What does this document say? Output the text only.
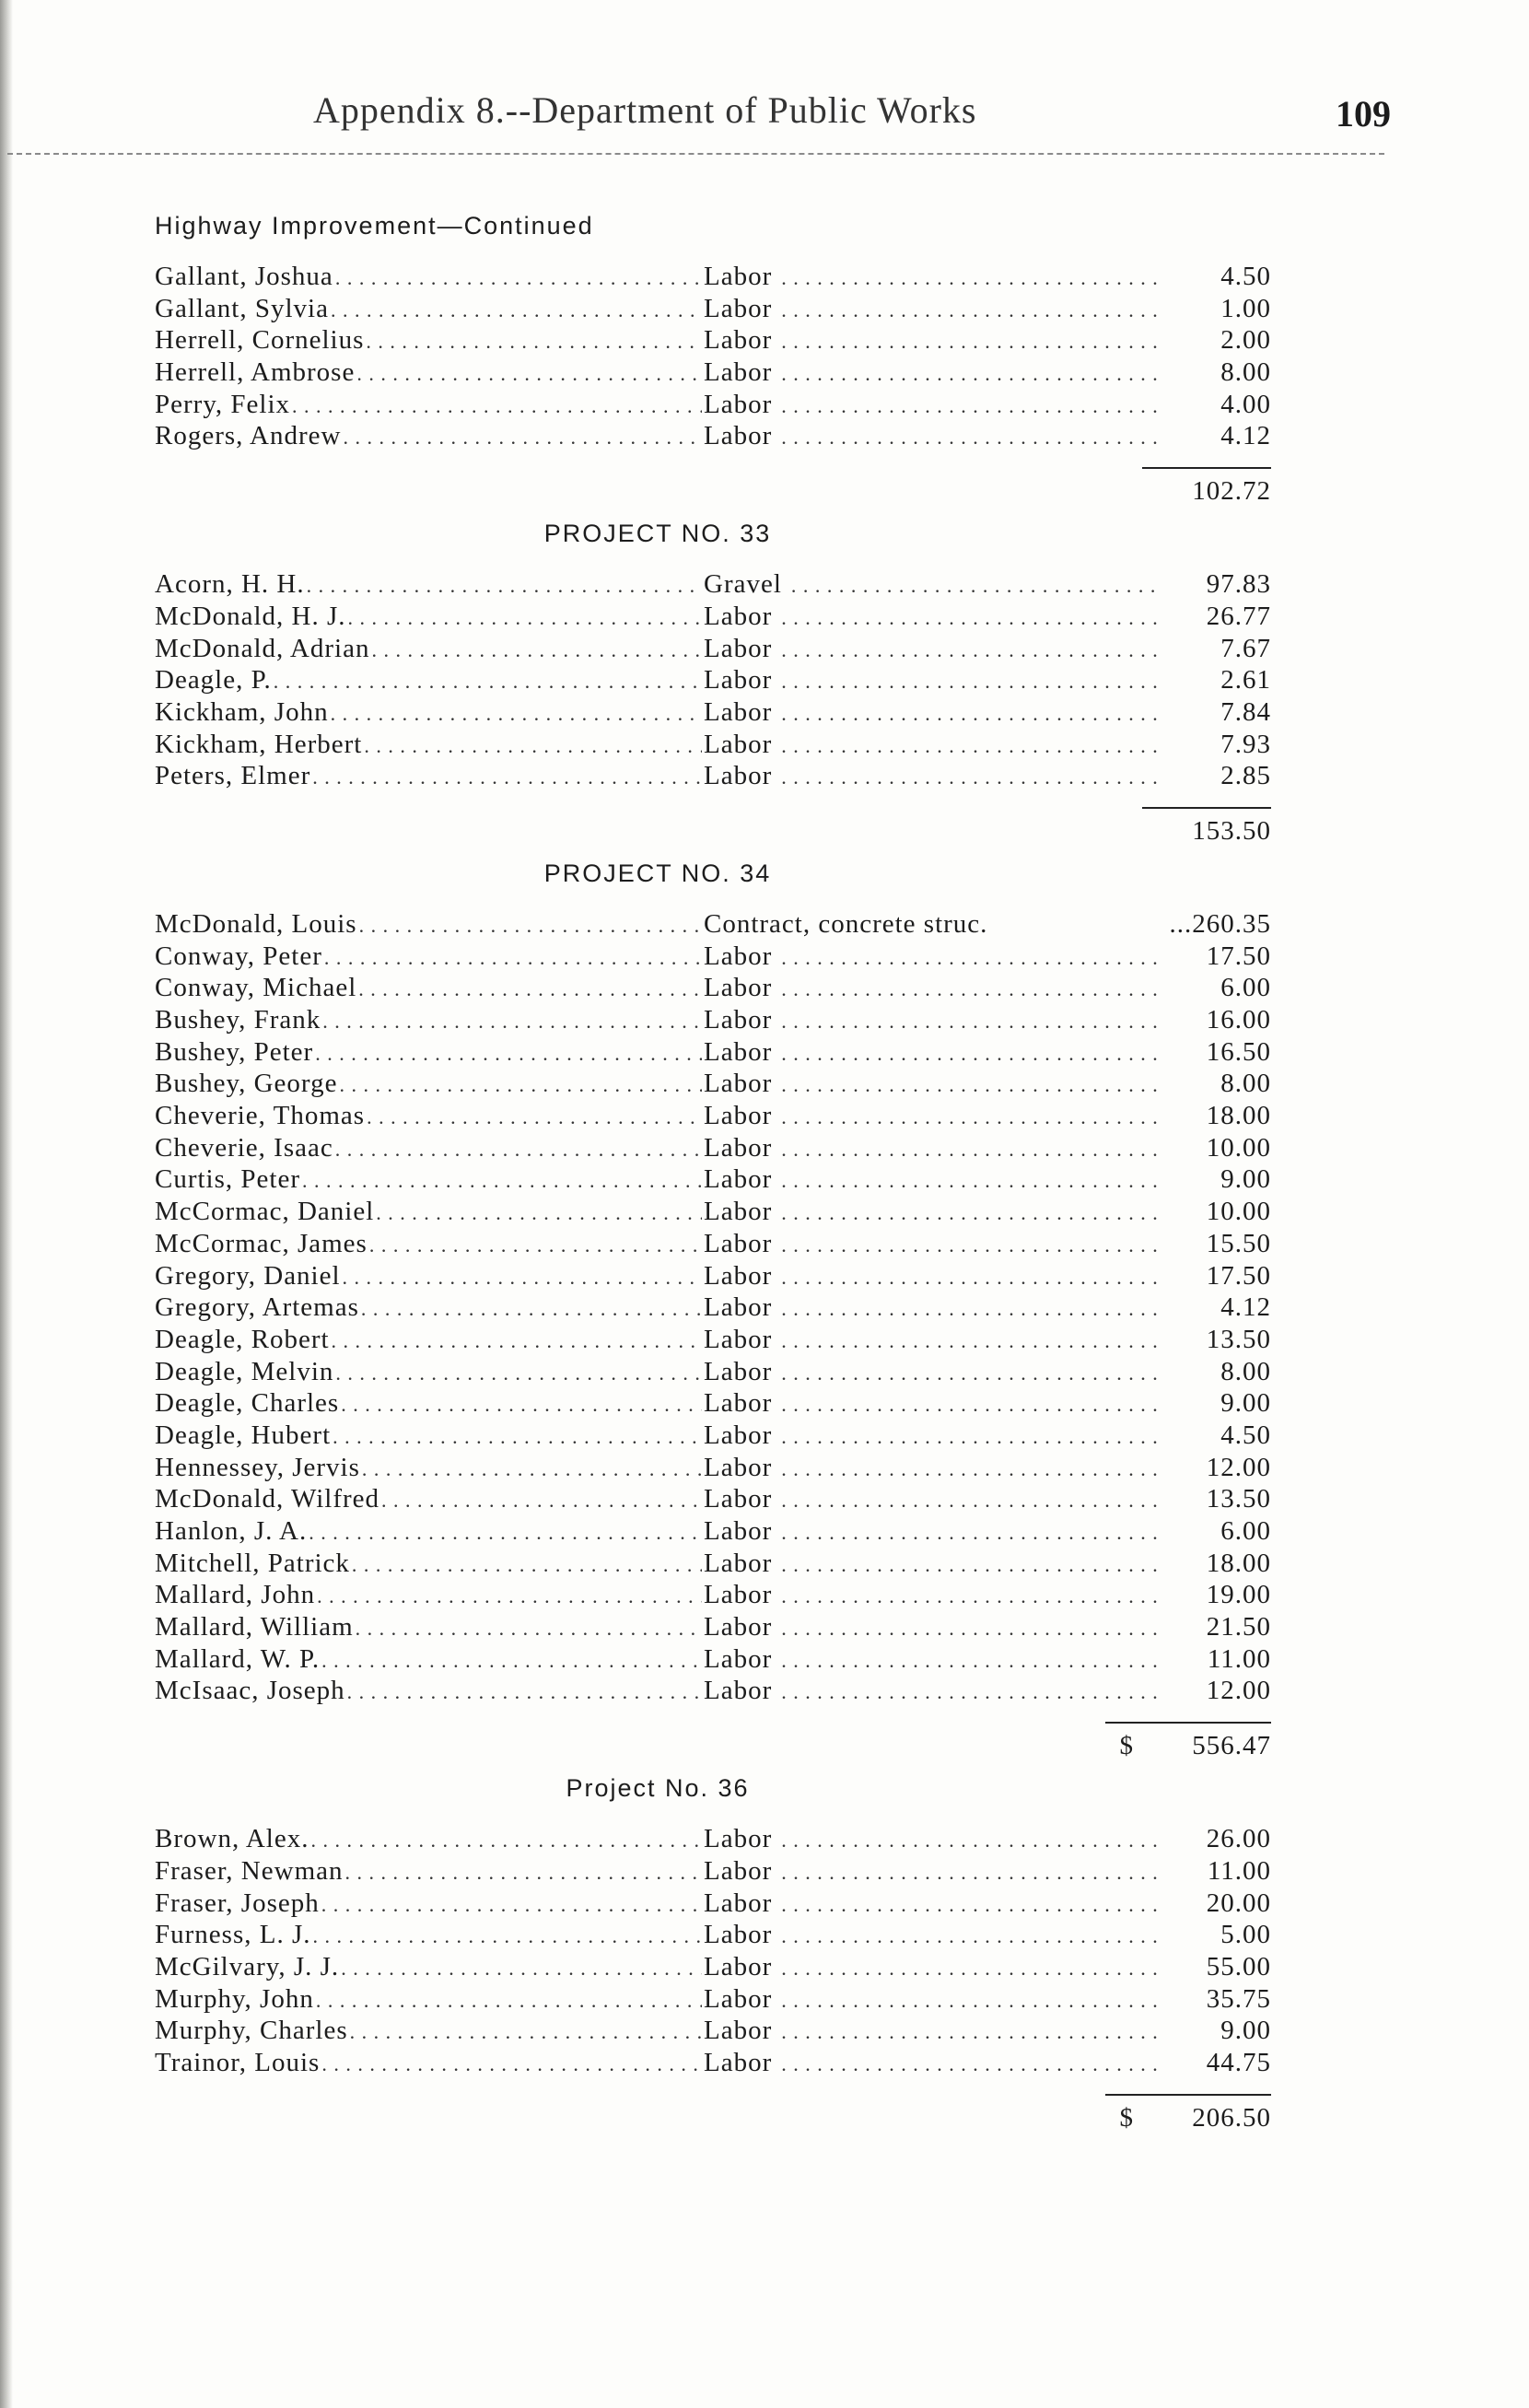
Appendix 8.--Department of Public Works	109
Highway Improvement—Continued
Gallant, Joshua . . .	Labor . . .	4.50
Gallant, Sylvia . . .	Labor . . .	1.00
Herrell, Cornelius . . .	Labor . . .	2.00
Herrell, Ambrose . . .	Labor . . .	8.00
Perry, Felix . . .	Labor . . .	4.00
Rogers, Andrew . . .	Labor . . .	4.12
102.72
PROJECT NO. 33
Acorn, H. H. . . .	Gravel . . .	97.83
McDonald, H. J. . . .	Labor . . .	26.77
McDonald, Adrian . . .	Labor . . .	7.67
Deagle, P. . . .	Labor . . .	2.61
Kickham, John . . .	Labor . . .	7.84
Kickham, Herbert . . .	Labor . . .	7.93
Peters, Elmer . . .	Labor . . .	2.85
153.50
PROJECT NO. 34
McDonald, Louis . . .	Contract, concrete struc.	...260.35
Conway, Peter . . .	Labor . . .	17.50
Conway, Michael . . .	Labor . . .	6.00
Bushey, Frank . . .	Labor . . .	16.00
Bushey, Peter . . .	Labor . . .	16.50
Bushey, George . . .	Labor . . .	8.00
Cheverie, Thomas . . .	Labor . . .	18.00
Cheverie, Isaac . . .	Labor . . .	10.00
Curtis, Peter . . .	Labor . . .	9.00
McCormac, Daniel . . .	Labor . . .	10.00
McCormac, James . . .	Labor . . .	15.50
Gregory, Daniel . . .	Labor . . .	17.50
Gregory, Artemas . . .	Labor . . .	4.12
Deagle, Robert . . .	Labor . . .	13.50
Deagle, Melvin . . .	Labor . . .	8.00
Deagle, Charles . . .	Labor . . .	9.00
Deagle, Hubert . . .	Labor . . .	4.50
Hennessey, Jervis . . .	Labor . . .	12.00
McDonald, Wilfred . . .	Labor . . .	13.50
Hanlon, J. A. . . .	Labor . . .	6.00
Mitchell, Patrick . . .	Labor . . .	18.00
Mallard, John . . .	Labor . . .	19.00
Mallard, William . . .	Labor . . .	21.50
Mallard, W. P. . . .	Labor . . .	11.00
McIsaac, Joseph . . .	Labor . . .	12.00
$ 556.47
Project No. 36
Brown, Alex. . . .	Labor . . .	26.00
Fraser, Newman . . .	Labor . . .	11.00
Fraser, Joseph . . .	Labor . . .	20.00
Furness, L. J. . . .	Labor . . .	5.00
McGilvary, J. J. . . .	Labor . . .	55.00
Murphy, John . . .	Labor . . .	35.75
Murphy, Charles . . .	Labor . . .	9.00
Trainor, Louis . . .	Labor . . .	44.75
$ 206.50
